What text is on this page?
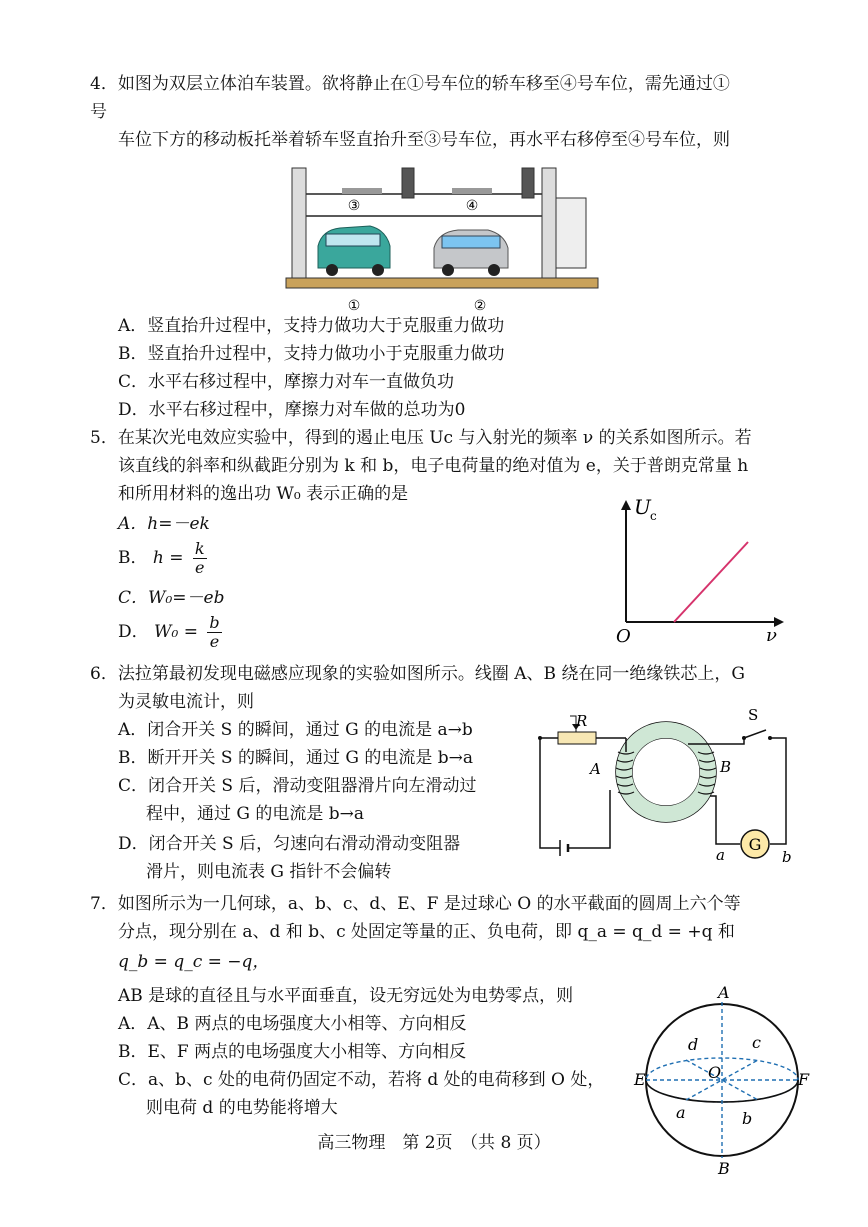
4．如图为双层立体泊车装置。欲将静止在①号车位的轿车移至④号车位，需先通过①
号
车位下方的移动板托举着轿车竖直抬升至③号车位，再水平右移停至④号车位，则
③	④
①	②
A．竖直抬升过程中，支持力做功大于克服重力做功
B．竖直抬升过程中，支持力做功小于克服重力做功
C．水平右移过程中，摩擦力对车一直做负功
D．水平右移过程中，摩擦力对车做的总功为0
5．在某次光电效应实验中，得到的遏止电压 Uc 与入射光的频率 ν 的关系如图所示。若
该直线的斜率和纵截距分别为 k 和 b，电子电荷量的绝对值为 e，关于普朗克常量 h
和所用材料的逸出功 W₀ 表示正确的是
A．h=－ek
B． $h = \frac{k}{e}$
C．W₀=－eb
D． $W_0 = \frac{b}{e}$
U c
ν
O
6．法拉第最初发现电磁感应现象的实验如图所示。线圈 A、B 绕在同一绝缘铁芯上，G
为灵敏电流计，则
A．闭合开关 S 的瞬间，通过 G 的电流是 a→b
B．断开开关 S 的瞬间，通过 G 的电流是 b→a
C．闭合开关 S 后，滑动变阻器滑片向左滑动过
程中，通过 G 的电流是 b→a
D．闭合开关 S 后，匀速向右滑动滑动变阻器
滑片，则电流表 G 指针不会偏转
R
A	B
S
G
a	b
7．如图所示为一几何球，a、b、c、d、E、F 是过球心 O 的水平截面的圆周上六个等
分点，现分别在 a、d 和 b、c 处固定等量的正、负电荷，即 q_a = q_d = +q 和
q_b = q_c = −q，
AB 是球的直径且与水平面垂直，设无穷远处为电势零点，则
A．A、B 两点的电场强度大小相等、方向相反
B．E、F 两点的电场强度大小相等、方向相反
C．a、b、c 处的电荷仍固定不动，若将 d 处的电荷移到 O 处，
则电荷 d 的电势能将增大
高三物理　第 2页　（共 8 页）
A
B
E	F
O
a	b
c
d
